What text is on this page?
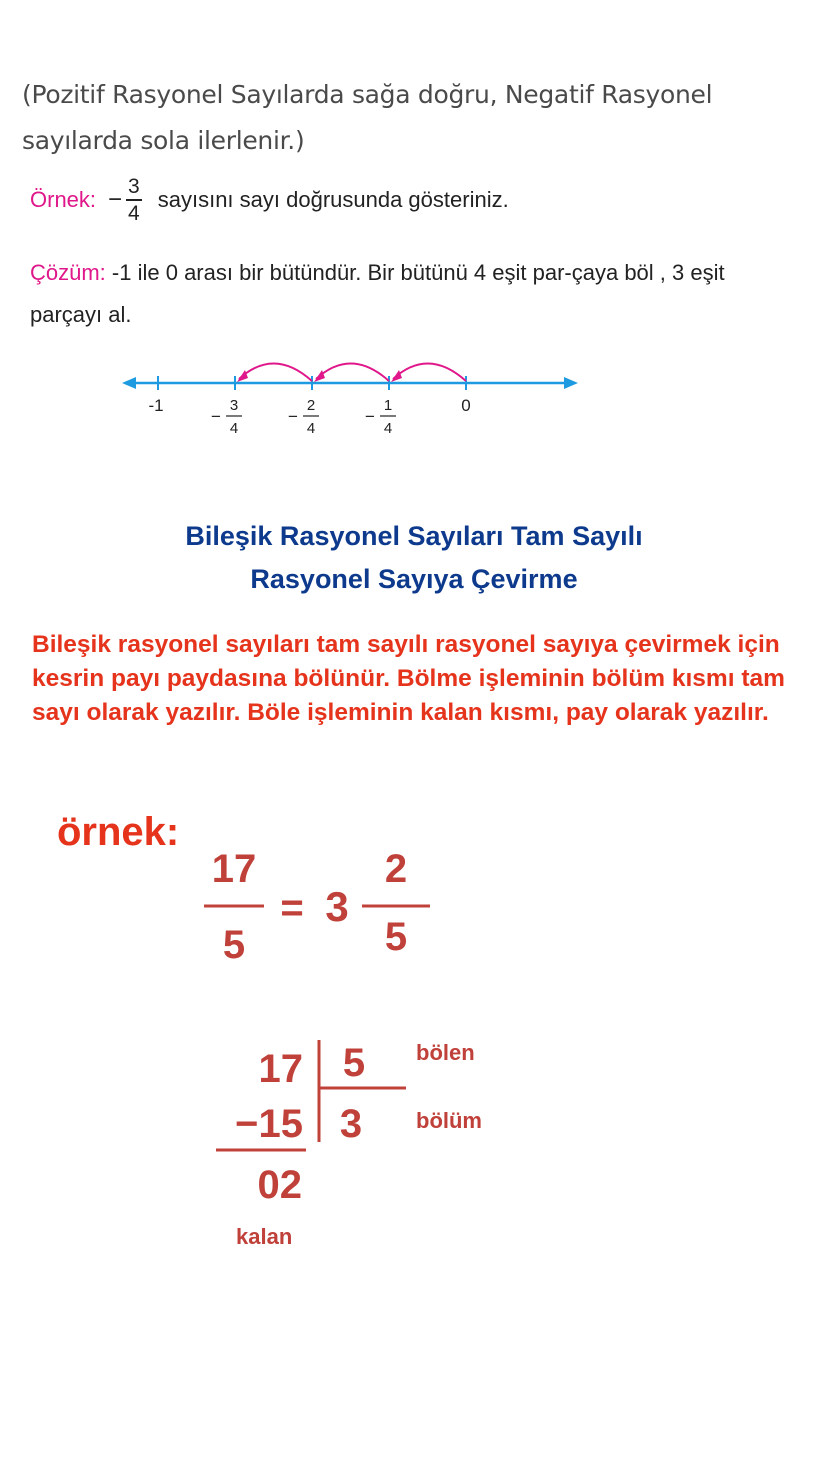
(Pozitif Rasyonel Sayılarda sağa doğru, Negatif Rasyonel sayılarda sola ilerlenir.)
Örnek: − $\frac{3}{4}$ sayısını sayı doğrusunda gösteriniz.
Çözüm: -1 ile 0 arası bir bütündür. Bir bütünü 4 eşit par-çaya böl , 3 eşit parçayı al.
-1
−
3
4
−
2
4
−
1
4
0
Bileşik Rasyonel Sayıları Tam Sayılı
Rasyonel Sayıya Çevirme
Bileşik rasyonel sayıları tam sayılı rasyonel sayıya çevirmek için kesrin payı paydasına bölünür. Bölme işleminin bölüm kısmı tam sayı olarak yazılır. Böle işleminin kalan kısmı, pay olarak yazılır.
örnek:
17
5
= 3
2
5
17
−15
02
5
3
bölen
bölüm
kalan
